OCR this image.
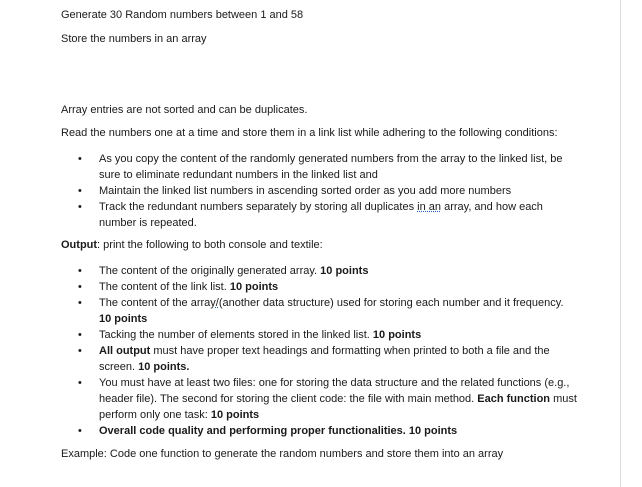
Generate 30 Random numbers between 1 and 58
Store the numbers in an array
Array entries are not sorted and can be duplicates.
Read the numbers one at a time and store them in a link list while adhering to the following conditions:
• As you copy the content of the randomly generated numbers from the array to the linked list, be sure to eliminate redundant numbers in the linked list and
• Maintain the linked list numbers in ascending sorted order as you add more numbers
• Track the redundant numbers separately by storing all duplicates in an array, and how each number is repeated.
Output: print the following to both console and textile:
• The content of the originally generated array. 10 points
• The content of the link list. 10 points
• The content of the array/(another data structure) used for storing each number and it frequency. 10 points
• Tacking the number of elements stored in the linked list. 10 points
• All output must have proper text headings and formatting when printed to both a file and the screen. 10 points.
• You must have at least two files: one for storing the data structure and the related functions (e.g., header file). The second for storing the client code: the file with main method. Each function must perform only one task: 10 points
• Overall code quality and performing proper functionalities. 10 points
Example: Code one function to generate the random numbers and store them into an array
